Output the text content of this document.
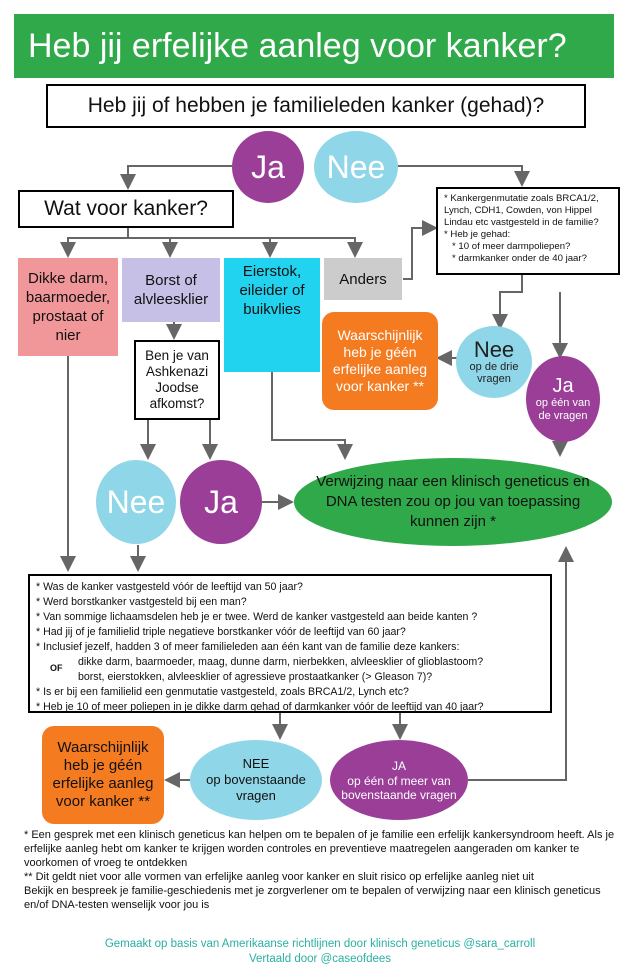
Heb jij erfelijke aanleg voor kanker?
Heb jij of hebben je familieleden kanker (gehad)?
Ja	Nee
Wat voor kanker?
Dikke darm, baarmoeder, prostaat of nier
Borst of alvleesklier
Eierstok, eileider of buikvlies
Anders
* Kankergenmutatie zoals BRCA1/2, Lynch, CDH1, Cowden, von Hippel Lindau etc vastgesteld in de familie?
* Heb je gehad:
* 10 of meer darmpoliepen?
* darmkanker onder de 40 jaar?
Ben je van Ashkenazi Joodse afkomst?
Waarschijnlijk heb je géén erfelijke aanleg voor kanker **
Nee
op de drie vragen	Ja
op één van de vragen
Nee	Ja
Verwijzing naar een klinisch geneticus en DNA testen zou op jou van toepassing kunnen zijn *
* Was de kanker vastgesteld vóór de leeftijd van 50 jaar?
* Werd borstkanker vastgesteld bij een man?
* Van sommige lichaamsdelen heb je er twee. Werd de kanker vastgesteld aan beide kanten ?
* Had jij of je familielid triple negatieve borstkanker vóór de leeftijd van 60 jaar?
* Inclusief jezelf, hadden 3 of meer familieleden aan één kant van de familie deze kankers:
OF dikke darm, baarmoeder, maag, dunne darm, nierbekken, alvleesklier of glioblastoom?
borst, eierstokken, alvleesklier of agressieve prostaatkanker (> Gleason 7)?
* Is er bij een familielid een genmutatie vastgesteld, zoals BRCA1/2, Lynch etc?
* Heb je 10 of meer poliepen in je dikke darm gehad of darmkanker vóór de leeftijd van 40 jaar?
Waarschijnlijk heb je géén erfelijke aanleg voor kanker **
NEE
op bovenstaande vragen
JA
op één of meer van bovenstaande vragen
* Een gesprek met een klinisch geneticus kan helpen om te bepalen of je familie een erfelijk kankersyndroom heeft. Als je erfelijke aanleg hebt om kanker te krijgen worden controles en preventieve maatregelen aangeraden om kanker te voorkomen of vroeg te ontdekken
** Dit geldt niet voor alle vormen van erfelijke aanleg voor kanker en sluit risico op erfelijke aanleg niet uit
Bekijk en bespreek je familie-geschiedenis met je zorgverlener om te bepalen of verwijzing naar een klinisch geneticus en/of DNA-testen wenselijk voor jou is
Gemaakt op basis van Amerikaanse richtlijnen door klinisch geneticus @sara_carroll
Vertaald door @caseofdees
